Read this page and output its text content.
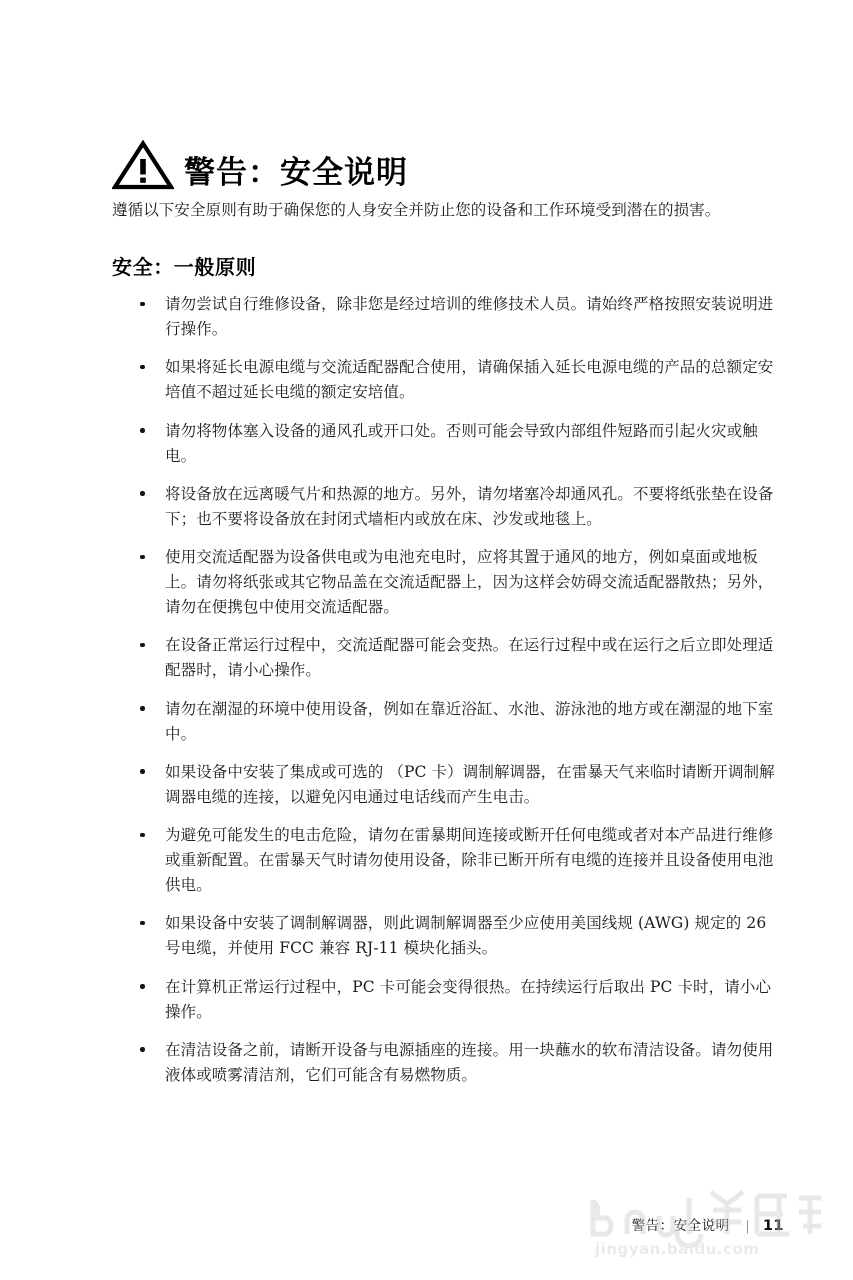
警告：安全说明

遵循以下安全原则有助于确保您的人身安全并防止您的设备和工作环境受到潜在的损害。

安全：一般原则
请勿尝试自行维修设备，除非您是经过培训的维修技术人员。请始终严格按照安装说明进行操作。
如果将延长电源电缆与交流适配器配合使用，请确保插入延长电源电缆的产品的总额定安培值不超过延长电缆的额定安培值。
请勿将物体塞入设备的通风孔或开口处。否则可能会导致内部组件短路而引起火灾或触电。
将设备放在远离暖气片和热源的地方。另外，请勿堵塞冷却通风孔。不要将纸张垫在设备下；也不要将设备放在封闭式墙柜内或放在床、沙发或地毯上。
使用交流适配器为设备供电或为电池充电时，应将其置于通风的地方，例如桌面或地板上。请勿将纸张或其它物品盖在交流适配器上，因为这样会妨碍交流适配器散热；另外，请勿在便携包中使用交流适配器。
在设备正常运行过程中，交流适配器可能会变热。在运行过程中或在运行之后立即处理适配器时，请小心操作。
请勿在潮湿的环境中使用设备，例如在靠近浴缸、水池、游泳池的地方或在潮湿的地下室中。
如果设备中安装了集成或可选的 （PC 卡）调制解调器，在雷暴天气来临时请断开调制解调器电缆的连接，以避免闪电通过电话线而产生电击。
为避免可能发生的电击危险，请勿在雷暴期间连接或断开任何电缆或者对本产品进行维修或重新配置。在雷暴天气时请勿使用设备，除非已断开所有电缆的连接并且设备使用电池供电。
如果设备中安装了调制解调器，则此调制解调器至少应使用美国线规 (AWG) 规定的 26 号电缆，并使用 FCC 兼容 RJ-11 模块化插头。
在计算机正常运行过程中，PC 卡可能会变得很热。在持续运行后取出 PC 卡时，请小心操作。
在清洁设备之前，请断开设备与电源插座的连接。用一块蘸水的软布清洁设备。请勿使用液体或喷雾清洁剂，它们可能含有易燃物质。
警告：安全说明 | 11
jingyan.baidu.com
